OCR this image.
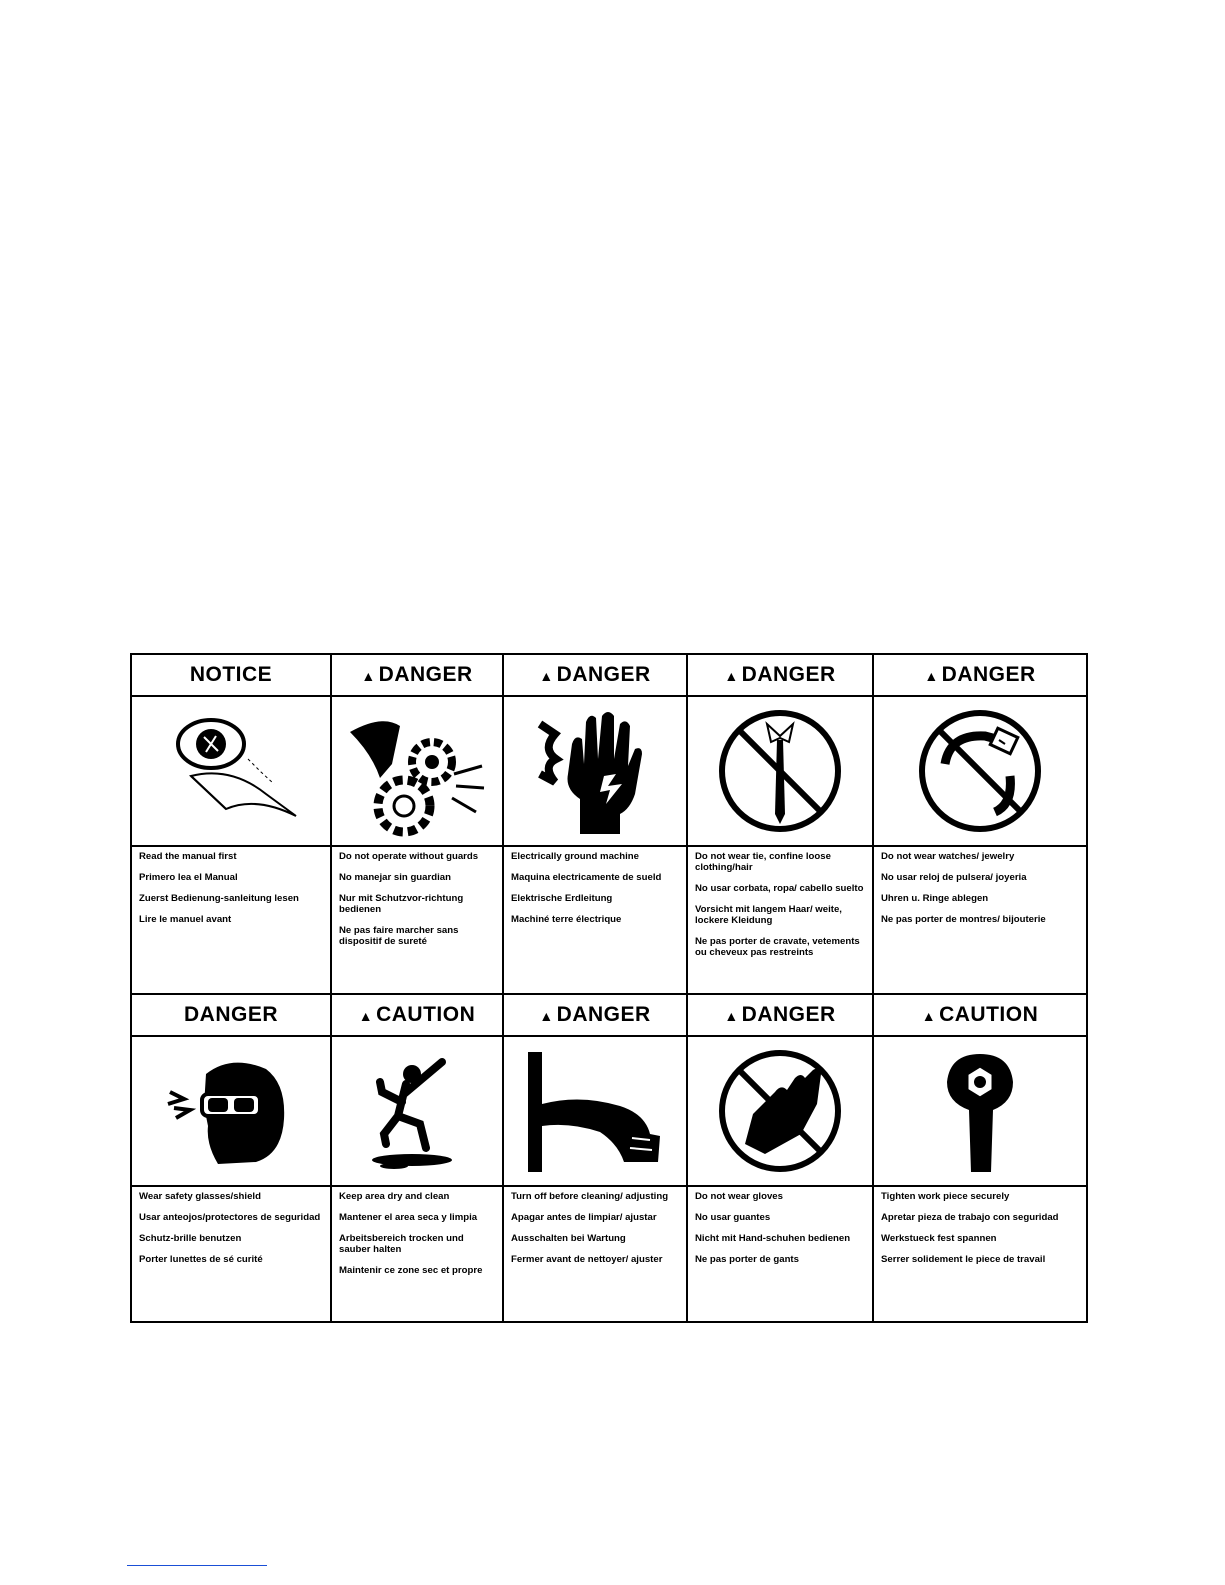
NOTICE

Read the manual first

Primero lea el Manual

Zuerst Bedienung-sanleitung lesen

Lire le manuel avant

▲ DANGER

Do not operate without guards

No manejar sin guardian

Nur mit Schutzvor-richtung bedienen

Ne pas faire marcher sans dispositif de sureté

▲ DANGER

Electrically ground machine

Maquina electricamente de sueld

Elektrische Erdleitung

Machiné terre électrique

▲ DANGER

Do not wear tie, confine loose clothing/hair

No usar corbata, ropa/ cabello suelto

Vorsicht mit langem Haar/ weite, lockere Kleidung

Ne pas porter de cravate, vetements ou cheveux pas restreints

▲ DANGER

Do not wear watches/ jewelry

No usar reloj de pulsera/ joyeria

Uhren u. Ringe ablegen

Ne pas porter de montres/ bijouterie

DANGER

Wear safety glasses/shield

Usar anteojos/protectores de seguridad

Schutz-brille benutzen

Porter lunettes de sé curité

▲ CAUTION

Keep area dry and clean

Mantener el area seca y limpia

Arbeitsbereich trocken und sauber halten

Maintenir ce zone sec et propre

▲ DANGER

Turn off before cleaning/ adjusting

Apagar antes de limpiar/ ajustar

Ausschalten bei Wartung

Fermer avant de nettoyer/ ajuster

▲ DANGER

Do not wear gloves

No usar guantes

Nicht mit Hand-schuhen bedienen

Ne pas porter de gants

▲ CAUTION

Tighten work piece securely

Apretar pieza de trabajo con seguridad

Werkstueck fest spannen

Serrer solidement le piece de travail
